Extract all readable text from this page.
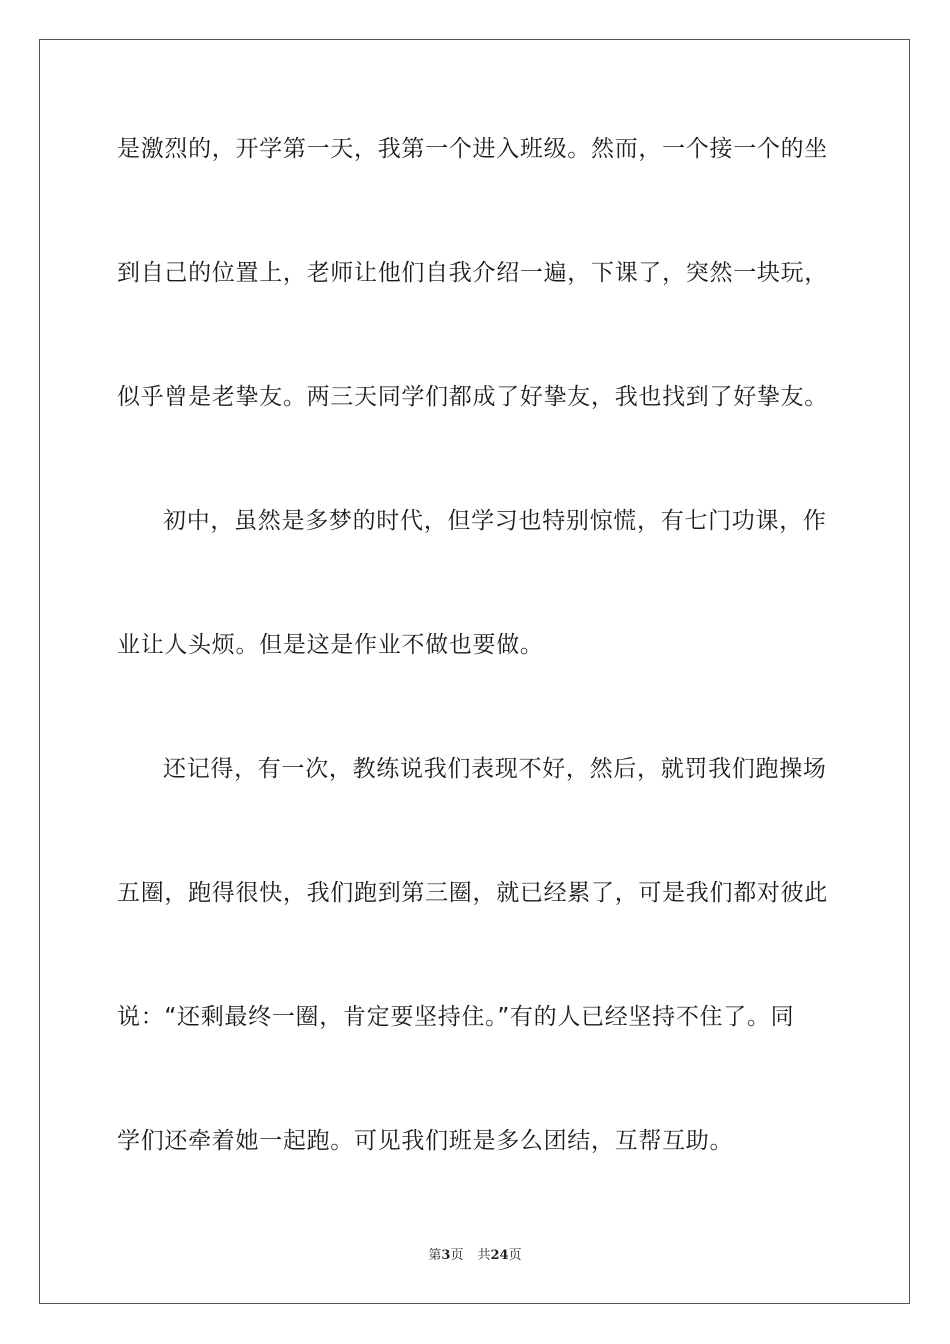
是激烈的，开学第一天，我第一个进入班级。然而，一个接一个的坐
到自己的位置上，老师让他们自我介绍一遍，下课了，突然一块玩，
似乎曾是老挚友。两三天同学们都成了好挚友，我也找到了好挚友。
初中，虽然是多梦的时代，但学习也特别惊慌，有七门功课，作
业让人头烦。但是这是作业不做也要做。
还记得，有一次，教练说我们表现不好，然后，就罚我们跑操场
五圈，跑得很快，我们跑到第三圈，就已经累了，可是我们都对彼此
说：“还剩最终一圈，肯定要坚持住。”有的人已经坚持不住了。同
学们还牵着她一起跑。可见我们班是多么团结，互帮互助。
第3页 共24页
